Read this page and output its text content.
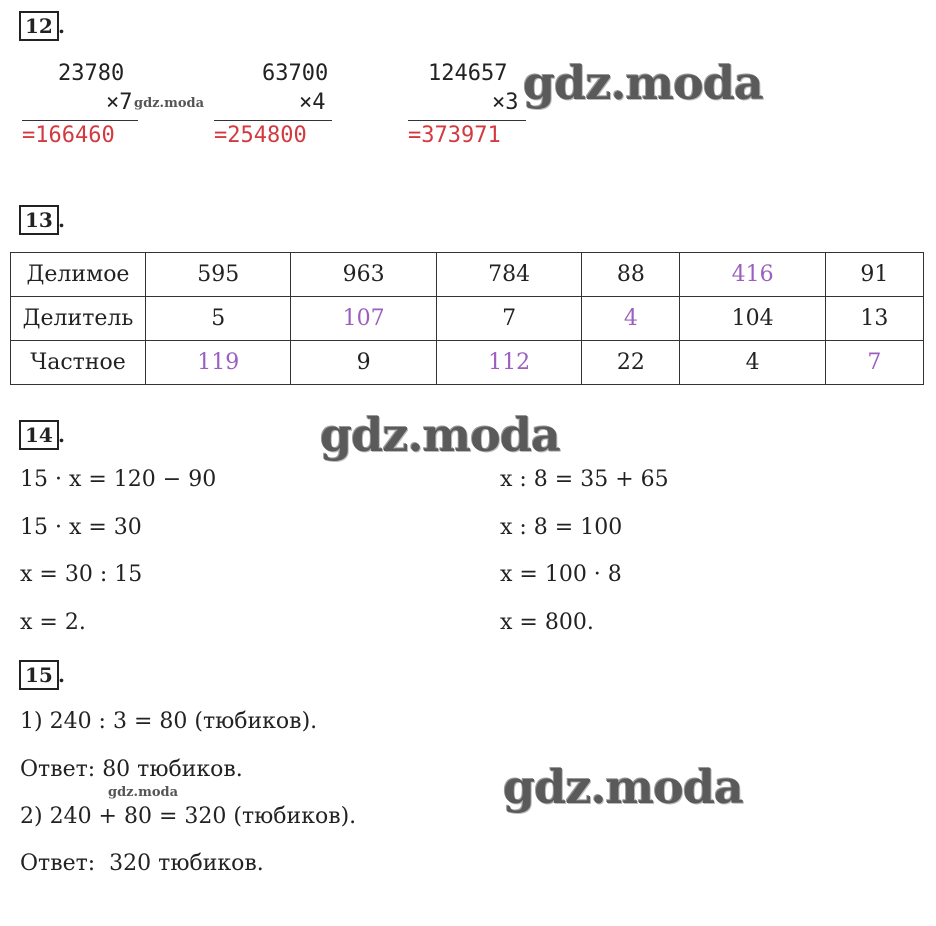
12 .
23780
×7
=166460
63700
×4
=254800
124657
×3
=373971
gdz.moda
gdz.moda
13 .
Делимое	595	963	784	88	416	91
Делитель	5	107	7	4	104	13
Частное	119	9	112	22	4	7
14 .	gdz.moda
15 · x = 120 − 90
15 · x = 30
x = 30 : 15
x = 2.
x : 8 = 35 + 65
x : 8 = 100
x = 100 · 8
x = 800.
15 .
1) 240 : 3 = 80 (тюбиков).
Ответ: 80 тюбиков.
gdz.moda
2) 240 + 80 = 320 (тюбиков).
Ответ:  320 тюбиков.
gdz.moda
